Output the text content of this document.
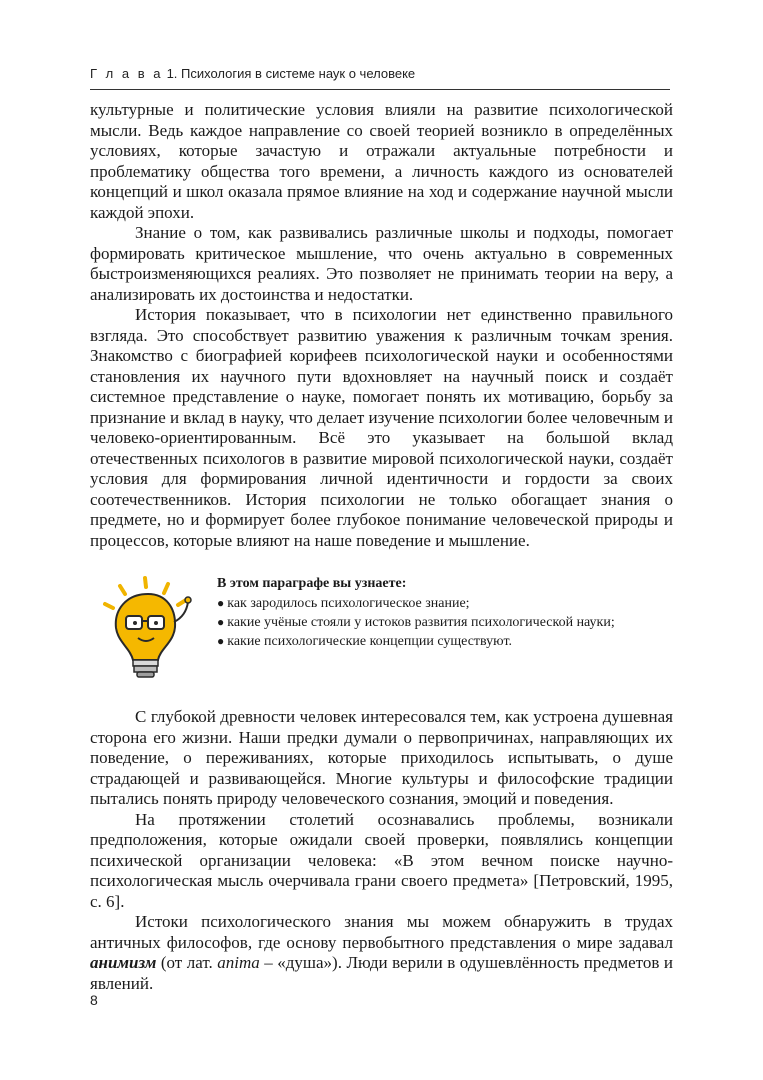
Г л а в а 1. Психология в системе наук о человеке

культурные и политические условия влияли на развитие психологической мысли. Ведь каждое направление со своей теорией возникло в определённых условиях, которые зачастую и отражали актуальные потребности и проблематику общества того времени, а личность каждого из основателей концепций и школ оказала прямое влияние на ход и содержание научной мысли каждой эпохи.

Знание о том, как развивались различные школы и подходы, помогает формировать критическое мышление, что очень актуально в современных быстроизменяющихся реалиях. Это позволяет не принимать теории на веру, а анализировать их достоинства и недостатки.

История показывает, что в психологии нет единственно правильного взгляда. Это способствует развитию уважения к различным точкам зрения. Знакомство с биографией корифеев психологической науки и особенностями становления их научного пути вдохновляет на научный поиск и создаёт системное представление о науке, помогает понять их мотивацию, борьбу за признание и вклад в науку, что делает изучение психологии более человечным и человеко-ориентированным. Всё это указывает на большой вклад отечественных психологов в развитие мировой психологической науки, создаёт условия для формирования личной идентичности и гордости за своих соотечественников. История психологии не только обогащает знания о предмете, но и формирует более глубокое понимание человеческой природы и процессов, которые влияют на наше поведение и мышление.

В этом параграфе вы узнаете:

● как зародилось психологическое знание;
● какие учёные стояли у истоков развития психологической науки;
● какие психологические концепции существуют.

С глубокой древности человек интересовался тем, как устроена душевная сторона его жизни. Наши предки думали о первопричинах, направляющих их поведение, о переживаниях, которые приходилось испытывать, о душе страдающей и развивающейся. Многие культуры и философские традиции пытались понять природу человеческого сознания, эмоций и поведения.

На протяжении столетий осознавались проблемы, возникали предположения, которые ожидали своей проверки, появлялись концепции психической организации человека: «В этом вечном поиске научно-психологическая мысль очерчивала грани своего предмета» [Петровский, 1995, с. 6].

Истоки психологического знания мы можем обнаружить в трудах античных философов, где основу первобытного представления о мире задавал анимизм (от лат. anima – «душа»). Люди верили в одушевлённость предметов и явлений.

8
